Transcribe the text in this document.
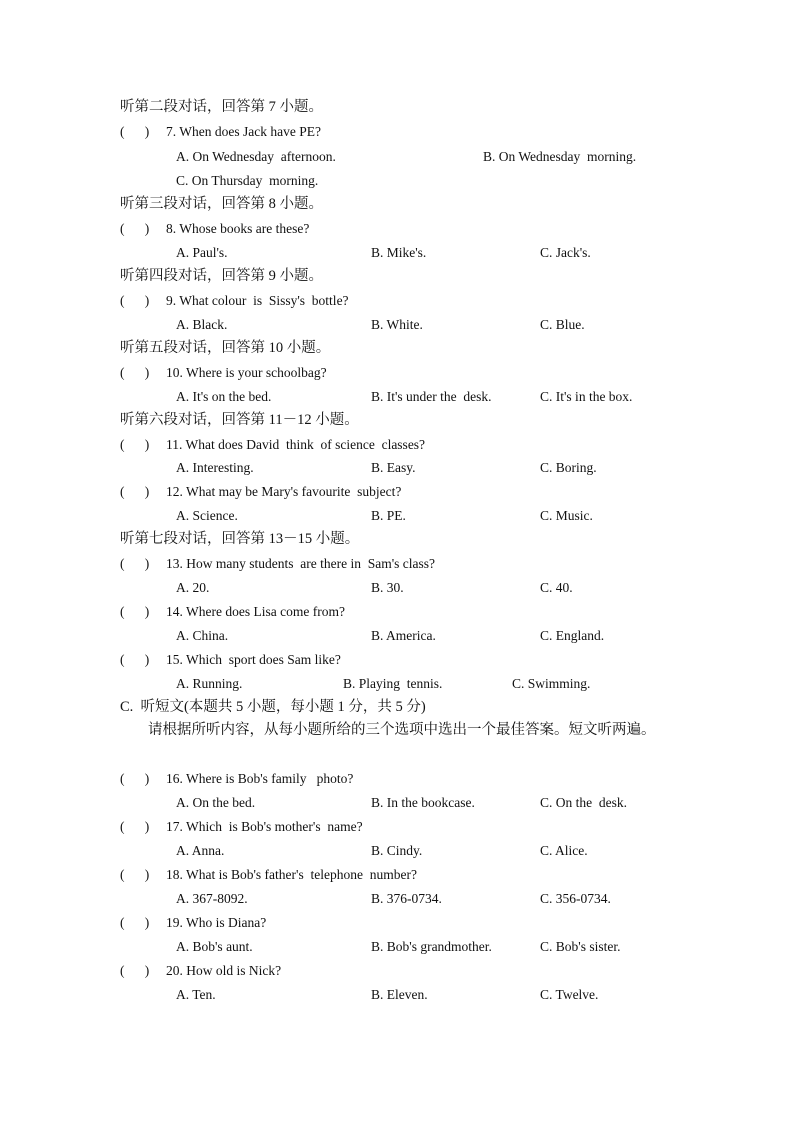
听第二段对话，回答第 7 小题。
(      ) 7. When does Jack have PE?
A. On Wednesday  afternoon.	B. On Wednesday  morning.
C. On Thursday  morning.
听第三段对话，回答第 8 小题。
(      ) 8. Whose books are these?
A. Paul's.	B. Mike's.	C. Jack's.
听第四段对话，回答第 9 小题。
(      ) 9. What colour  is  Sissy's  bottle?
A. Black.	B. White.	C. Blue.
听第五段对话，回答第 10 小题。
(      ) 10. Where is your schoolbag?
A. It's on the bed.	B. It's under the  desk.	C. It's in the box.
听第六段对话，回答第 11－12 小题。
(      ) 11. What does David  think  of science  classes?
A. Interesting.	B. Easy.	C. Boring.
(      ) 12. What may be Mary's favourite  subject?
A. Science.	B. PE.	C. Music.
听第七段对话，回答第 13－15 小题。
(      ) 13. How many students  are there in  Sam's class?
A. 20.	B. 30.	C. 40.
(      ) 14. Where does Lisa come from?
A. China.	B. America.	C. England.
(      ) 15. Which  sport does Sam like?
A. Running.	B. Playing  tennis.	C. Swimming.
C.  听短文(本题共 5 小题，每小题 1 分，共 5 分)
请根据所听内容，从每小题所给的三个选项中选出一个最佳答案。短文听两遍。
(      ) 16. Where is Bob's family   photo?
A. On the bed.	B. In the bookcase.	C. On the  desk.
(      ) 17. Which  is Bob's mother's  name?
A. Anna.	B. Cindy.	C. Alice.
(      ) 18. What is Bob's father's  telephone  number?
A. 367-8092.	B. 376-0734.	C. 356-0734.
(      ) 19. Who is Diana?
A. Bob's aunt.	B. Bob's grandmother.	C. Bob's sister.
(      ) 20. How old is Nick?
A. Ten.	B. Eleven.	C. Twelve.
